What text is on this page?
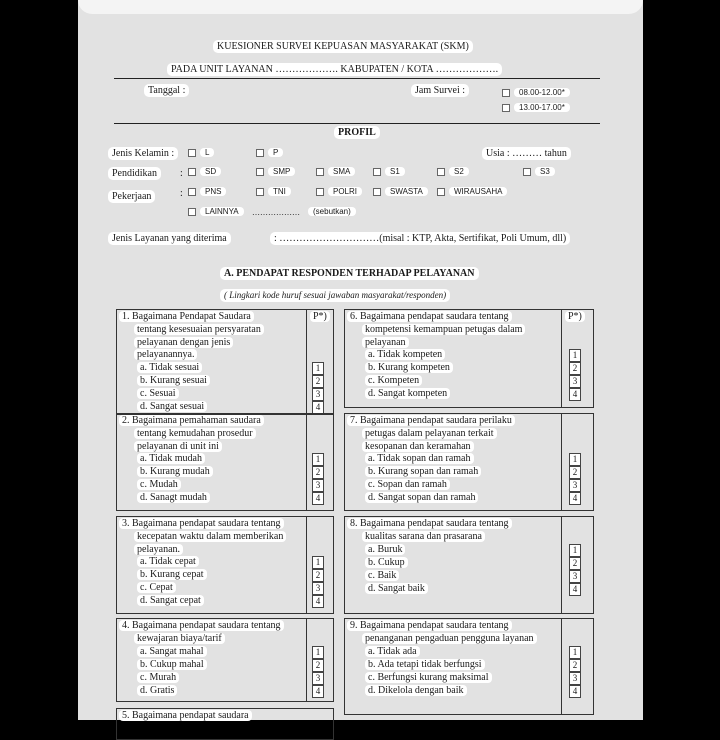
KUESIONER SURVEI KEPUASAN MASYARAKAT (SKM)
PADA UNIT LAYANAN ………………. KABUPATEN / KOTA ……………….
Tanggal :	Jam Survei :	08.00-12.00*
13.00-17.00*
PROFIL
Jenis Kelamin :	L	P	Usia : ……… tahun
Pendidikan	:	SD	SMP	SMA	S1	S2	S3
Pekerjaan	:	PNS	TNI	POLRI	SWASTA	WIRAUSAHA
LAINNYA	………………	(sebutkan)
Jenis Layanan yang diterima	: …………………………(misal : KTP, Akta, Sertifikat, Poli Umum, dll)
A. PENDAPAT RESPONDEN TERHADAP PELAYANAN
( Lingkari kode huruf sesuai jawaban masyarakat/responden)
P*)
1. Bagaimana Pendapat Saudara
tentang kesesuaian persyaratan
pelayanan dengan jenis
pelayanannya.
a. Tidak sesuai
b. Kurang sesuai
c. Sesuai
d. Sangat sesuai
1
2
3
4
2. Bagaimana pemahaman saudara
tentang kemudahan prosedur
pelayanan di unit ini
a. Tidak mudah
b. Kurang mudah
c. Mudah
d. Sanagt mudah
1
2
3
4
3. Bagaimana pendapat saudara tentang
kecepatan waktu dalam memberikan
pelayanan.
a. Tidak cepat
b. Kurang cepat
c. Cepat
d. Sangat cepat
1
2
3
4
4. Bagaimana pendapat saudara tentang
kewajaran biaya/tarif
a. Sangat mahal
b. Cukup mahal
c. Murah
d. Gratis
1
2
3
4
5. Bagaimana pendapat saudara
P*)
6. Bagaimana pendapat saudara tentang
kompetensi kemampuan petugas dalam
pelayanan
a. Tidak kompeten
b. Kurang kompeten
c. Kompeten
d. Sangat kompeten
1
2
3
4
7. Bagaimana pendapat saudara perilaku
petugas dalam pelayanan terkait
kesopanan dan keramahan
a. Tidak sopan dan ramah
b. Kurang sopan dan ramah
c. Sopan dan ramah
d. Sangat sopan dan ramah
1
2
3
4
8. Bagaimana pendapat saudara tentang
kualitas sarana dan prasarana
a. Buruk
b. Cukup
c. Baik
d. Sangat baik
1
2
3
4
9. Bagaimana pendapat saudara tentang
penanganan pengaduan pengguna layanan
a. Tidak ada
b. Ada tetapi tidak berfungsi
c. Berfungsi kurang maksimal
d. Dikelola dengan baik
1
2
3
4
